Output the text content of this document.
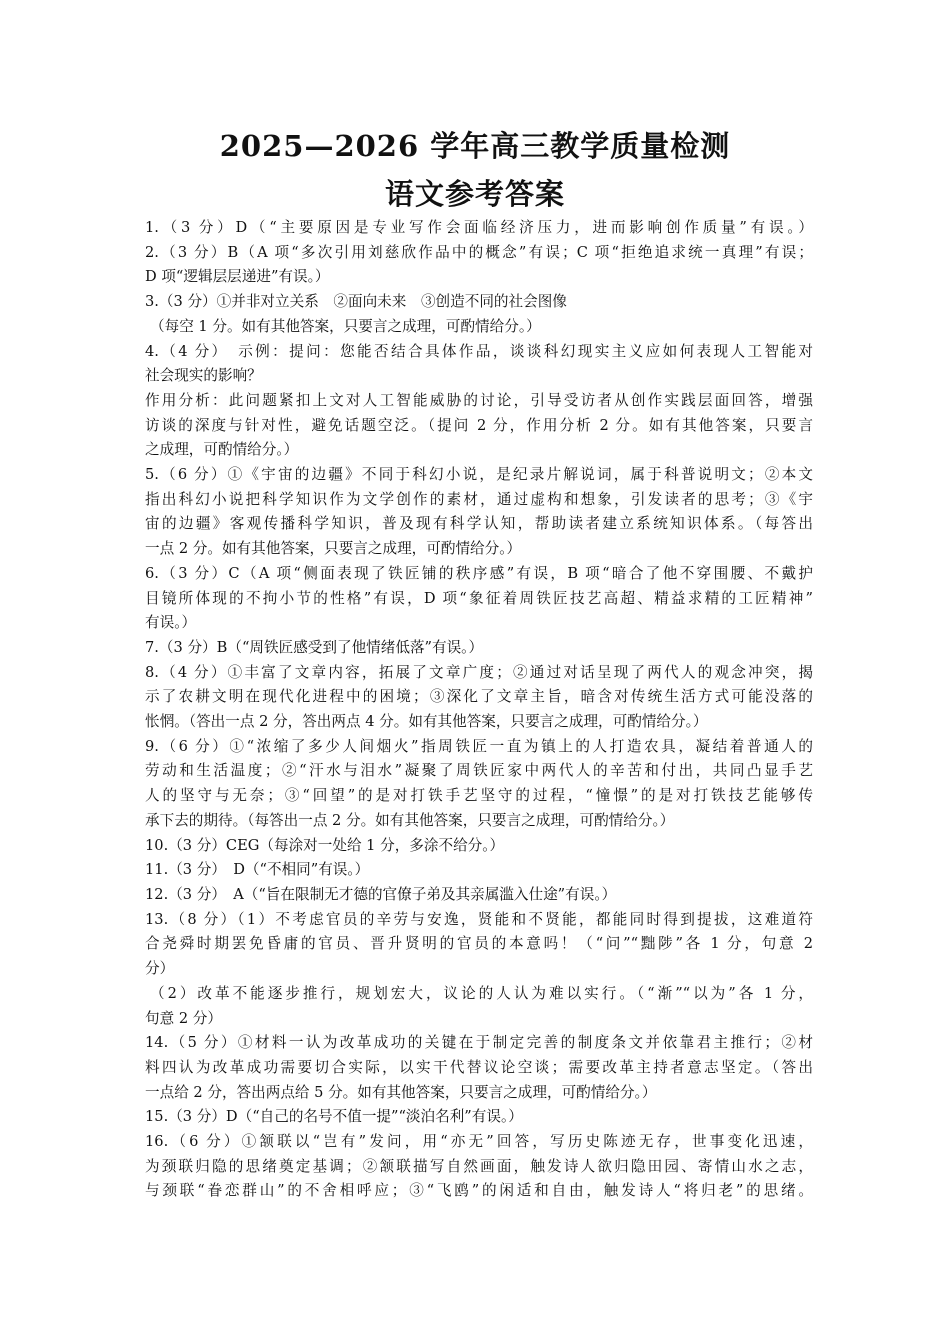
2025—2026 学年高三教学质量检测
语文参考答案
1.（3 分）D（“主要原因是专业写作会面临经济压力，进而影响创作质量”有误。）
2.（3 分）B（A 项“多次引用刘慈欣作品中的概念”有误；C 项“拒绝追求统一真理”有误；
D 项“逻辑层层递进”有误。）
3.（3 分）①并非对立关系　②面向未来　③创造不同的社会图像
（每空 1 分。如有其他答案，只要言之成理，可酌情给分。）
4.（4 分）　示例：提问：您能否结合具体作品，谈谈科幻现实主义应如何表现人工智能对
社会现实的影响？
作用分析：此问题紧扣上文对人工智能威胁的讨论，引导受访者从创作实践层面回答，增强
访谈的深度与针对性，避免话题空泛。（提问 2 分，作用分析 2 分。如有其他答案，只要言
之成理，可酌情给分。）
5.（6 分）①《宇宙的边疆》不同于科幻小说，是纪录片解说词，属于科普说明文；②本文
指出科幻小说把科学知识作为文学创作的素材，通过虚构和想象，引发读者的思考；③《宇
宙的边疆》客观传播科学知识，普及现有科学认知，帮助读者建立系统知识体系。（每答出
一点 2 分。如有其他答案，只要言之成理，可酌情给分。）
6.（3 分）C（A 项“侧面表现了铁匠铺的秩序感”有误，B 项“暗合了他不穿围腰、不戴护
目镜所体现的不拘小节的性格”有误，D 项“象征着周铁匠技艺高超、精益求精的工匠精神”
有误。）
7.（3 分）B（“周铁匠感受到了他情绪低落”有误。）
8.（4 分）①丰富了文章内容，拓展了文章广度；②通过对话呈现了两代人的观念冲突，揭
示了农耕文明在现代化进程中的困境；③深化了文章主旨，暗含对传统生活方式可能没落的
怅惘。（答出一点 2 分，答出两点 4 分。如有其他答案，只要言之成理，可酌情给分。）
9.（6 分）①“浓缩了多少人间烟火”指周铁匠一直为镇上的人打造农具，凝结着普通人的
劳动和生活温度；②“汗水与泪水”凝聚了周铁匠家中两代人的辛苦和付出，共同凸显手艺
人的坚守与无奈；③“回望”的是对打铁手艺坚守的过程，“憧憬”的是对打铁技艺能够传
承下去的期待。（每答出一点 2 分。如有其他答案，只要言之成理，可酌情给分。）
10.（3 分）CEG（每涂对一处给 1 分，多涂不给分。）
11.（3 分）　D（“不相同”有误。）
12.（3 分）　A（“旨在限制无才德的官僚子弟及其亲属滥入仕途”有误。）
13.（8 分）（1）不考虑官员的辛劳与安逸，贤能和不贤能，都能同时得到提拔，这难道符
合尧舜时期罢免昏庸的官员、晋升贤明的官员的本意吗！（“问”“黜陟”各 1 分，句意 2
分）
（2）改革不能逐步推行，规划宏大，议论的人认为难以实行。（“渐”“以为”各 1 分，
句意 2 分）
14.（5 分）①材料一认为改革成功的关键在于制定完善的制度条文并依靠君主推行；②材
料四认为改革成功需要切合实际，以实干代替议论空谈；需要改革主持者意志坚定。（答出
一点给 2 分，答出两点给 5 分。如有其他答案，只要言之成理，可酌情给分。）
15.（3 分）D（“自己的名号不值一提”“淡泊名利”有误。）
16.（6 分）①颔联以“岂有”发问，用“亦无”回答，写历史陈迹无存，世事变化迅速，
为颈联归隐的思绪奠定基调；②颔联描写自然画面，触发诗人欲归隐田园、寄情山水之志，
与颈联“眷恋群山”的不舍相呼应；③“飞鸥”的闲适和自由，触发诗人“将归老”的思绪。
